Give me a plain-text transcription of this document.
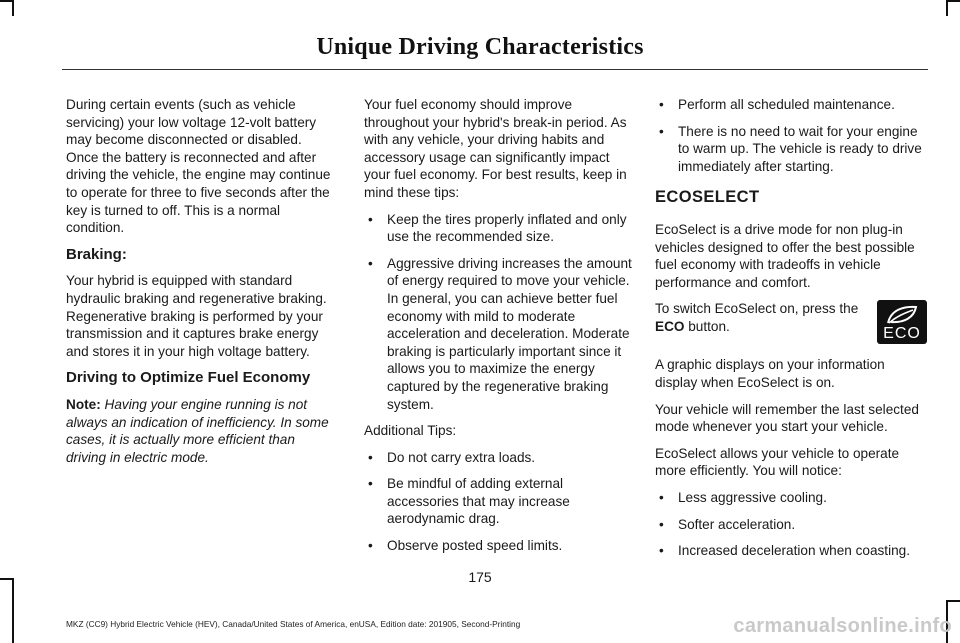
Unique Driving Characteristics

During certain events (such as vehicle servicing) your low voltage 12-volt battery may become disconnected or disabled. Once the battery is reconnected and after driving the vehicle, the engine may continue to operate for three to five seconds after the key is turned to off. This is a normal condition.

Braking:

Your hybrid is equipped with standard hydraulic braking and regenerative braking. Regenerative braking is performed by your transmission and it captures brake energy and stores it in your high voltage battery.

Driving to Optimize Fuel Economy

Note: Having your engine running is not always an indication of inefficiency. In some cases, it is actually more efficient than driving in electric mode.

Your fuel economy should improve throughout your hybrid's break-in period. As with any vehicle, your driving habits and accessory usage can significantly impact your fuel economy. For best results, keep in mind these tips:

• Keep the tires properly inflated and only use the recommended size.
• Aggressive driving increases the amount of energy required to move your vehicle. In general, you can achieve better fuel economy with mild to moderate acceleration and deceleration. Moderate braking is particularly important since it allows you to maximize the energy captured by the regenerative braking system.

Additional Tips:

• Do not carry extra loads.
• Be mindful of adding external accessories that may increase aerodynamic drag.
• Observe posted speed limits.
• Perform all scheduled maintenance.
• There is no need to wait for your engine to warm up. The vehicle is ready to drive immediately after starting.
ECOSELECT

EcoSelect is a drive mode for non plug-in vehicles designed to offer the best possible fuel economy with tradeoffs in vehicle performance and comfort.

ECO

To switch EcoSelect on, press the ECO button.

A graphic displays on your information display when EcoSelect is on.

Your vehicle will remember the last selected mode whenever you start your vehicle.

EcoSelect allows your vehicle to operate more efficiently. You will notice:

• Less aggressive cooling.
• Softer acceleration.
• Increased deceleration when coasting.
175
MKZ (CC9) Hybrid Electric Vehicle (HEV), Canada/United States of America, enUSA, Edition date: 201905, Second-Printing	carmanualsonline.info
